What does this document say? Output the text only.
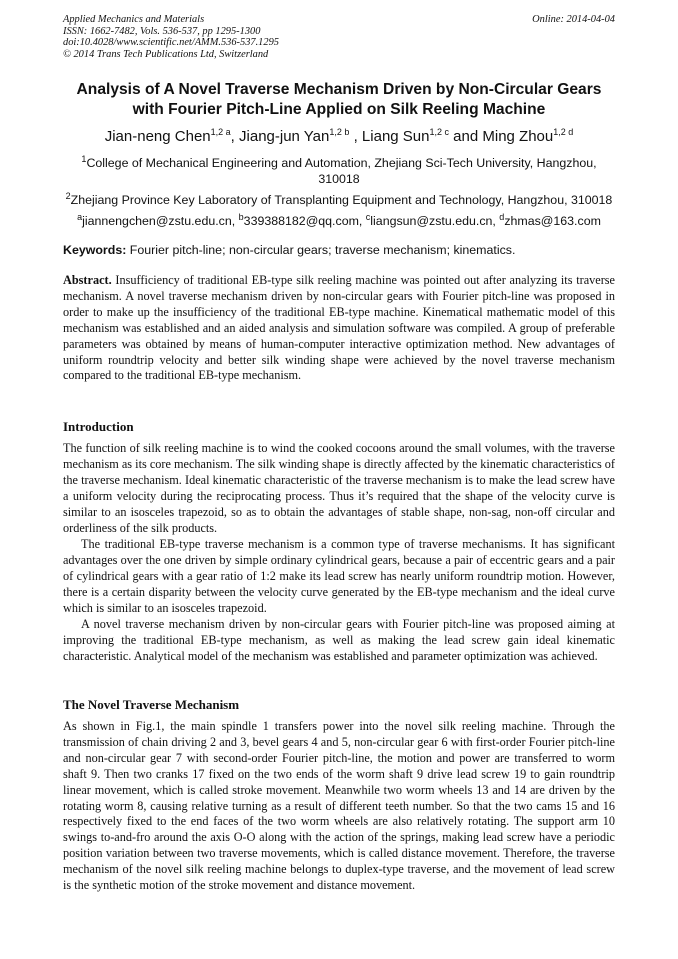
Applied Mechanics and Materials
ISSN: 1662-7482, Vols. 536-537, pp 1295-1300
doi:10.4028/www.scientific.net/AMM.536-537.1295
© 2014 Trans Tech Publications Ltd, Switzerland
Online: 2014-04-04
Analysis of A Novel Traverse Mechanism Driven by Non-Circular Gears
with Fourier Pitch-Line Applied on Silk Reeling Machine
Jian-neng Chen$^{1,2 a}$, Jiang-jun Yan$^{1,2 b}$ , Liang Sun$^{1,2 c}$ and Ming Zhou$^{1,2 d}$
$^1$College of Mechanical Engineering and Automation, Zhejiang Sci-Tech University, Hangzhou, 310018
$^2$Zhejiang Province Key Laboratory of Transplanting Equipment and Technology, Hangzhou, 310018
$^a$jiannengchen@zstu.edu.cn, $^b$339388182@qq.com, $^c$liangsun@zstu.edu.cn, $^d$zhmas@163.com
Keywords: Fourier pitch-line; non-circular gears; traverse mechanism; kinematics.
Abstract. Insufficiency of traditional EB-type silk reeling machine was pointed out after analyzing its traverse mechanism. A novel traverse mechanism driven by non-circular gears with Fourier pitch-line was proposed in order to make up the insufficiency of the traditional EB-type machine. Kinematical mathematic model of this mechanism was established and an aided analysis and simulation software was compiled. A group of preferable parameters was obtained by means of human-computer interactive optimization method. New advantages of uniform roundtrip velocity and better silk winding shape were achieved by the novel traverse mechanism compared to the traditional EB-type mechanism.
Introduction
The function of silk reeling machine is to wind the cooked cocoons around the small volumes, with the traverse mechanism as its core mechanism. The silk winding shape is directly affected by the kinematic characteristics of the traverse mechanism. Ideal kinematic characteristic of the traverse mechanism is to make the lead screw have a uniform velocity during the reciprocating process. Thus it’s required that the shape of the velocity curve is similar to an isosceles trapezoid, so as to obtain the advantages of stable shape, non-sag, non-off circular and orderliness of the silk products.
The traditional EB-type traverse mechanism is a common type of traverse mechanisms. It has significant advantages over the one driven by simple ordinary cylindrical gears, because a pair of eccentric gears and a pair of cylindrical gears with a gear ratio of 1:2 make its lead screw has nearly uniform roundtrip motion. However, there is a certain disparity between the velocity curve generated by the EB-type mechanism and the ideal curve which is similar to an isosceles trapezoid.
A novel traverse mechanism driven by non-circular gears with Fourier pitch-line was proposed aiming at improving the traditional EB-type mechanism, as well as making the lead screw gain ideal kinematic characteristic. Analytical model of the mechanism was established and parameter optimization was achieved.
The Novel Traverse Mechanism
As shown in Fig.1, the main spindle 1 transfers power into the novel silk reeling machine. Through the transmission of chain driving 2 and 3, bevel gears 4 and 5, non-circular gear 6 with first-order Fourier pitch-line and non-circular gear 7 with second-order Fourier pitch-line, the motion and power are transferred to worm shaft 9. Then two cranks 17 fixed on the two ends of the worm shaft 9 drive lead screw 19 to gain roundtrip linear movement, which is called stroke movement. Meanwhile two worm wheels 13 and 14 are driven by the rotating worm 8, causing relative turning as a result of different teeth number. So that the two cams 15 and 16 respectively fixed to the end faces of the two worm wheels are also relatively rotating. The support arm 10 swings to-and-fro around the axis O-O along with the action of the springs, making lead screw have a periodic position variation between two traverse movements, which is called distance movement. Therefore, the traverse mechanism of the novel silk reeling machine belongs to duplex-type traverse, and the movement of lead screw is the synthetic motion of the stroke movement and distance movement.
